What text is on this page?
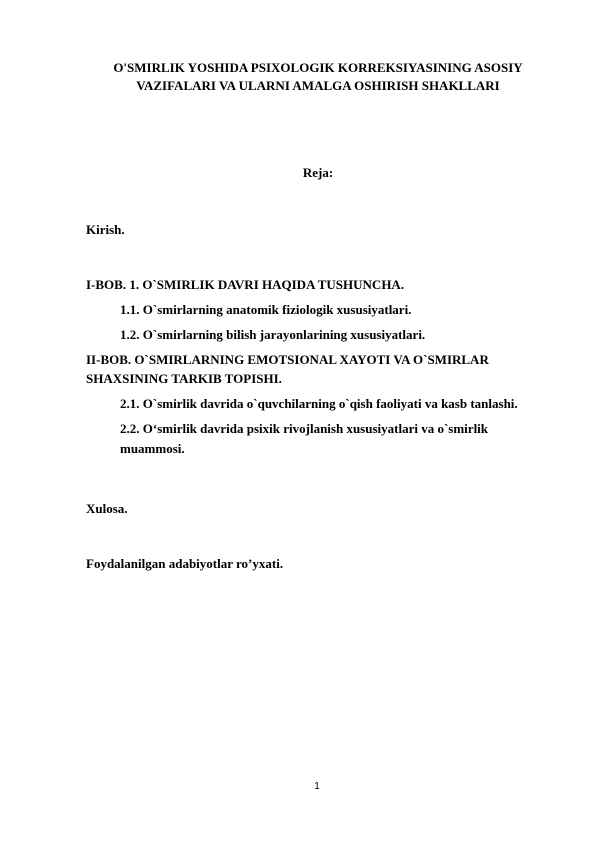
O'SMIRLIK YOSHIDA PSIXOLOGIK KORREKSIYASINING ASOSIY
VAZIFALARI VA ULARNI AMALGA OSHIRISH SHAKLLARI
Reja:
Kirish.
I-BOB. 1. O`SMIRLIK DAVRI HAQIDA TUSHUNCHA.
1.1. O`smirlarning anatomik fiziologik xususiyatlari.
1.2. O`smirlarning bilish jarayonlarining xususiyatlari.
II-BOB. O`SMIRLARNING EMOTSIONAL XAYOTI VA O`SMIRLAR
SHAXSINING TARKIB TOPISHI.
2.1. O`smirlik davrida o`quvchilarning o`qish faoliyati va kasb tanlashi.
2.2. O‘smirlik davrida psixik rivojlanish xususiyatlari va o`smirlik
muammosi.
Xulosa.
Foydalanilgan adabiyotlar ro’yxati.
1
